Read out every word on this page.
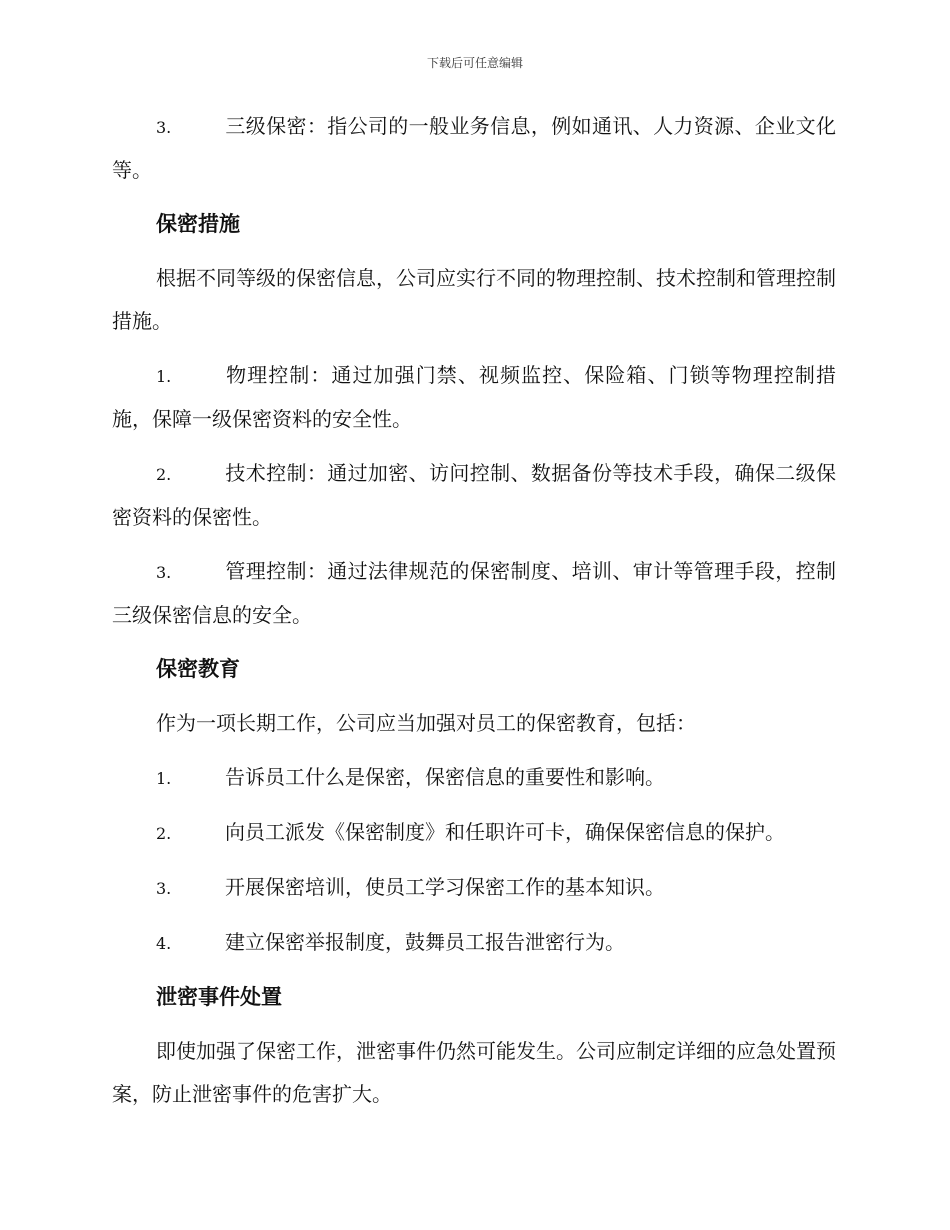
下载后可任意编辑

3.	三级保密：指公司的一般业务信息，例如通讯、人力资源、企业文化等。

保密措施

根据不同等级的保密信息，公司应实行不同的物理控制、技术控制和管理控制措施。

1.	物理控制：通过加强门禁、视频监控、保险箱、门锁等物理控制措施，保障一级保密资料的安全性。

2.	技术控制：通过加密、访问控制、数据备份等技术手段，确保二级保密资料的保密性。

3.	管理控制：通过法律规范的保密制度、培训、审计等管理手段，控制三级保密信息的安全。

保密教育

作为一项长期工作，公司应当加强对员工的保密教育，包括：

1.	告诉员工什么是保密，保密信息的重要性和影响。

2.	向员工派发《保密制度》和任职许可卡，确保保密信息的保护。

3.	开展保密培训，使员工学习保密工作的基本知识。

4.	建立保密举报制度，鼓舞员工报告泄密行为。

泄密事件处置

即使加强了保密工作，泄密事件仍然可能发生。公司应制定详细的应急处置预案，防止泄密事件的危害扩大。
